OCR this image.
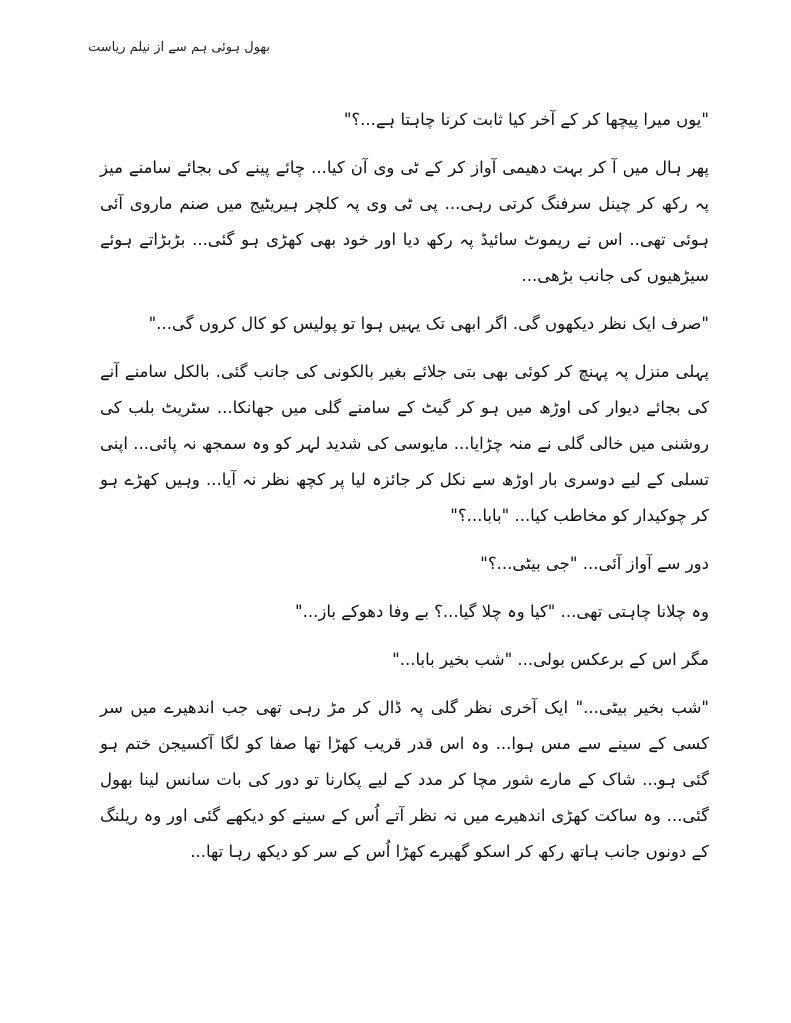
بھول ہوئی ہم سے از نیلم ریاست

"یوں میرا پیچھا کر کے آخر کیا ثابت کرنا چاہتا ہے...؟"

پھر ہال میں آ کر بہت دھیمی آواز کر کے ٹی وی آن کیا... چائے پینے کی بجائے سامنے میز پہ رکھ کر چینل سرفنگ کرتی رہی... پی ٹی وی پہ کلچر ہیریٹیج میں صنم ماروی آئی ہوئی تھی.. اس نے ریموٹ سائیڈ پہ رکھ دیا اور خود بھی کھڑی ہو گئی... بڑبڑاتے ہوئے سیڑھیوں کی جانب بڑھی...

"صرف ایک نظر دیکھوں گی. اگر ابھی تک یہیں ہوا تو پولیس کو کال کروں گی..."

پہلی منزل پہ پہنچ کر کوئی بھی بتی جلائے بغیر بالکونی کی جانب گئی. بالکل سامنے آنے کی بجائے دیوار کی اوڑھ میں ہو کر گیٹ کے سامنے گلی میں جھانکا... سٹریٹ بلب کی روشنی میں خالی گلی نے منہ چڑایا... مایوسی کی شدید لہر کو وہ سمجھ نہ پائی... اپنی تسلی کے لیے دوسری بار اوڑھ سے نکل کر جائزہ لیا پر کچھ نظر نہ آیا... وہیں کھڑے ہو کر چوکیدار کو مخاطب کیا... "بابا...؟"

دور سے آواز آئی... "جی بیٹی...؟"

وہ چلانا چاہتی تھی... "کیا وہ چلا گیا...؟ بے وفا دھوکے باز..."

مگر اس کے برعکس بولی... "شب بخیر بابا..."

"شب بخیر بیٹی..." ایک آخری نظر گلی پہ ڈال کر مڑ رہی تھی جب اندھیرے میں سر کسی کے سینے سے مس ہوا... وہ اس قدر قریب کھڑا تھا صفا کو لگا آکسیجن ختم ہو گئی ہو... شاک کے مارے شور مچا کر مدد کے لیے پکارنا تو دور کی بات سانس لینا بھول گئی... وہ ساکت کھڑی اندھیرے میں نہ نظر آتے اُس کے سینے کو دیکھے گئی اور وہ ریلنگ کے دونوں جانب ہاتھ رکھ کر اسکو گھیرے کھڑا اُس کے سر کو دیکھ رہا تھا...
